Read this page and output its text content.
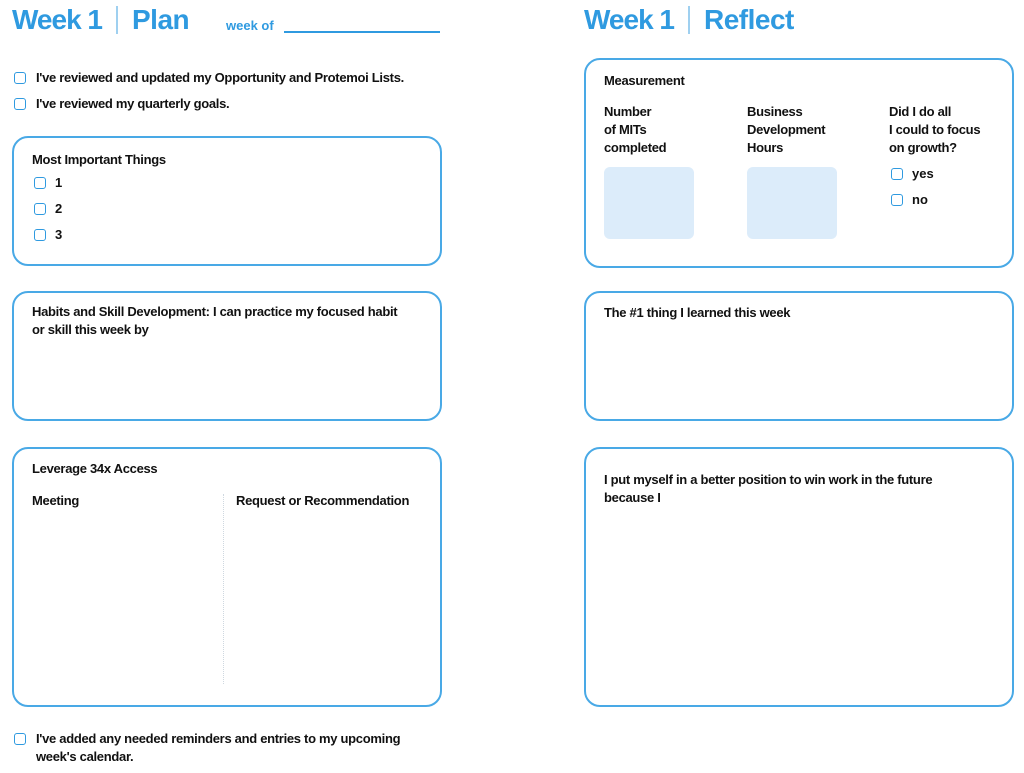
Week 1 Plan	week of
I've reviewed and updated my Opportunity and Protemoi Lists.
I've reviewed my quarterly goals.
Most Important Things
1
2
3
Habits and Skill Development: I can practice my focused habit
or skill this week by
Leverage 34x Access
Meeting	Request or Recommendation
I've added any needed reminders and entries to my upcoming
week's calendar.
Week 1 Reflect
Measurement
Number
of MITs
completed
Business
Development
Hours
Did I do all
I could to focus
on growth?
yes
no
The #1 thing I learned this week
I put myself in a better position to win work in the future
because I
